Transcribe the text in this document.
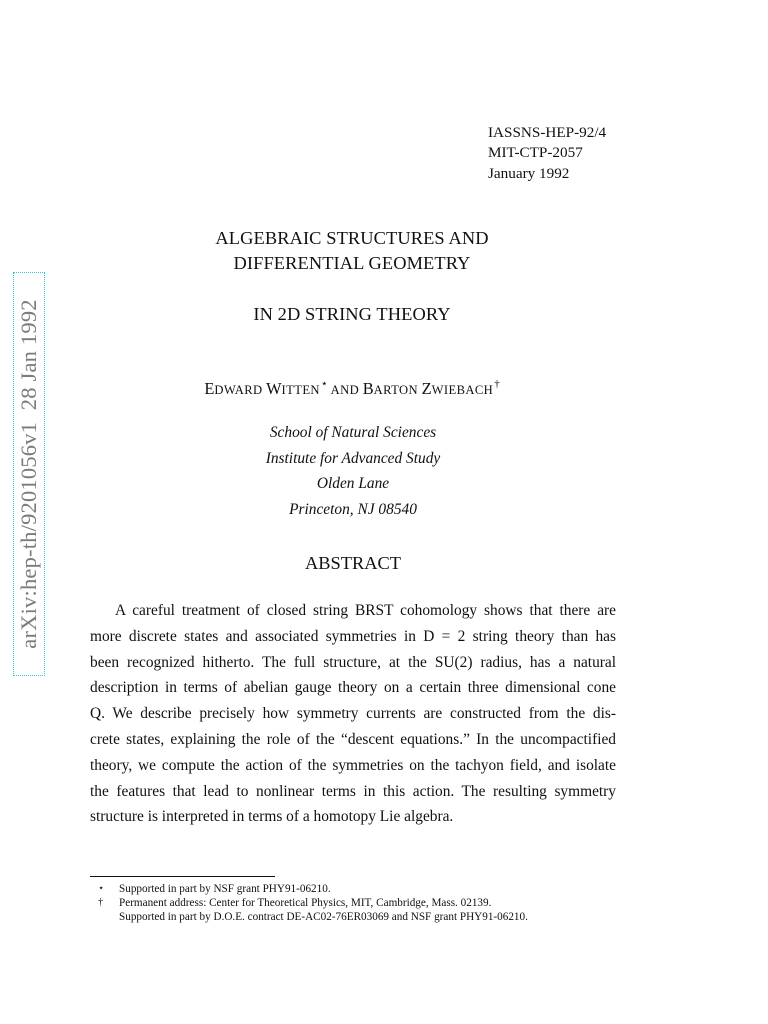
arXiv:hep-th/9201056v1  28 Jan 1992
IASSNS-HEP-92/4
MIT-CTP-2057
January 1992
ALGEBRAIC STRUCTURES AND
DIFFERENTIAL GEOMETRY
IN 2D STRING THEORY
EDWARD WITTEN⋆ AND BARTON ZWIEBACH†
School of Natural Sciences
Institute for Advanced Study
Olden Lane
Princeton, NJ 08540
ABSTRACT
A careful treatment of closed string BRST cohomology shows that there are
more discrete states and associated symmetries in D = 2 string theory than has
been recognized hitherto. The full structure, at the SU(2) radius, has a natural
description in terms of abelian gauge theory on a certain three dimensional cone
Q. We describe precisely how symmetry currents are constructed from the dis-
crete states, explaining the role of the “descent equations.” In the uncompactified
theory, we compute the action of the symmetries on the tachyon field, and isolate
the features that lead to nonlinear terms in this action. The resulting symmetry
structure is interpreted in terms of a homotopy Lie algebra.
⋆ Supported in part by NSF grant PHY91-06210.
† Permanent address: Center for Theoretical Physics, MIT, Cambridge, Mass. 02139.
Supported in part by D.O.E. contract DE-AC02-76ER03069 and NSF grant PHY91-06210.
